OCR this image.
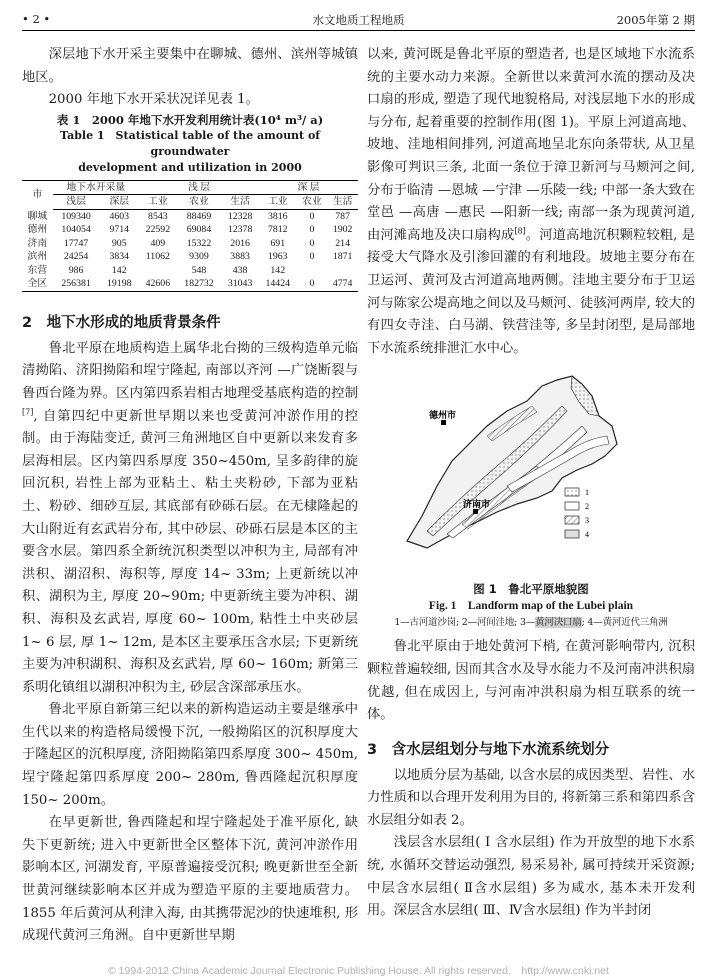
• 2 •	水文地质工程地质	2005年第 2 期

深层地下水开采主要集中在聊城、德州、滨州等城镇地区。

2000 年地下水开采状况详见表 1。

表 1　2000 年地下水开发利用统计表(10⁴ m³/ a)
Table 1　Statistical table of the amount of groundwater
development and utilization in 2000
市	地下水开采量		浅 层			深 层		
	浅层	深层	工业	农业	生活	工业	农业	生活
聊城	109340	4603	8543	88469	12328	3816	0	787
德州	104054	9714	22592	69084	12378	7812	0	1902
济南	17747	905	409	15322	2016	691	0	214
滨州	24254	3834	11062	9309	3883	1963	0	1871
东营	986	142		548	438	142		
全区	256381	19198	42606	182732	31043	14424	0	4774
2　地下水形成的地质背景条件

鲁北平原在地质构造上属华北台拗的三级构造单元临清拗陷、济阳拗陷和埕宁隆起, 南部以齐河 —广饶断裂与鲁西台隆为界。区内第四系岩相古地理受基底构造的控制[7], 自第四纪中更新世早期以来也受黄河冲淤作用的控制。由于海陆变迁, 黄河三角洲地区自中更新以来发育多层海相层。区内第四系厚度 350~450m, 呈多韵律的旋回沉积, 岩性上部为亚粘土、粘土夹粉砂, 下部为亚粘土、粉砂、细砂互层, 其底部有砂砾石层。在无棣隆起的大山附近有玄武岩分布, 其中砂层、砂砾石层是本区的主要含水层。第四系全新统沉积类型以冲积为主, 局部有冲洪积、湖沼积、海积等, 厚度 14~ 33m; 上更新统以冲积、湖积为主, 厚度 20~90m; 中更新统主要为冲积、湖积、海积及玄武岩, 厚度 60~ 100m, 粘性土中夹砂层 1~ 6 层, 厚 1~ 12m, 是本区主要承压含水层; 下更新统主要为冲积湖积、海积及玄武岩, 厚 60~ 160m; 新第三系明化镇组以湖积冲积为主, 砂层含深部承压水。

鲁北平原自新第三纪以来的新构造运动主要是继承中生代以来的构造格局缓慢下沉, 一般拗陷区的沉积厚度大于隆起区的沉积厚度, 济阳拗陷第四系厚度 300~ 450m, 埕宁隆起第四系厚度 200~ 280m, 鲁西隆起沉积厚度 150~ 200m。

在早更新世, 鲁西隆起和埕宁隆起处于准平原化, 缺失下更新统; 进入中更新世全区整体下沉, 黄河冲淤作用影响本区, 河湖发育, 平原普遍接受沉积; 晚更新世至全新世黄河继续影响本区并成为塑造平原的主要地质营力。1855 年后黄河从利津入海, 由其携带泥沙的快速堆积, 形成现代黄河三角洲。自中更新世早期

以来, 黄河既是鲁北平原的塑造者, 也是区域地下水流系统的主要水动力来源。全新世以来黄河水流的摆动及决口扇的形成, 塑造了现代地貌格局, 对浅层地下水的形成与分布, 起着重要的控制作用(图 1)。平原上河道高地、坡地、洼地相间排列, 河道高地呈北东向条带状, 从卫星影像可判识三条, 北面一条位于漳卫新河与马颊河之间, 分布于临清 —恩城 —宁津 —乐陵一线; 中部一条大致在堂邑 —高唐 —惠民 —阳新一线; 南部一条为现黄河道, 由河滩高地及决口扇构成[8]。河道高地沉积颗粒较粗, 是接受大气降水及引渗回灌的有利地段。坡地主要分布在卫运河、黄河及古河道高地两侧。洼地主要分布于卫运河与陈家公堤高地之间以及马颊河、徒骇河两岸, 较大的有四女寺洼、白马湖、铁营洼等, 多呈封闭型, 是局部地下水流系统排泄汇水中心。

德州市
济南市
1
2
3
4
图 1　鲁北平原地貌图
Fig. 1　Landform map of the Lubei plain
1—古河道沙岗; 2—河间洼地; 3—黄河决口扇; 4—黄河近代三角洲

鲁北平原由于地处黄河下梢, 在黄河影响带内, 沉积颗粒普遍较细, 因而其含水及导水能力不及河南冲洪积扇优越, 但在成因上, 与河南冲洪积扇为相互联系的统一体。

3　含水层组划分与地下水流系统划分

以地质分层为基础, 以含水层的成因类型、岩性、水力性质和以合理开发利用为目的, 将新第三系和第四系含水层组分如表 2。

浅层含水层组( Ⅰ 含水层组) 作为开放型的地下水系统, 水循环交替运动强烈, 易采易补, 属可持续开采资源; 中层含水层组( Ⅱ含水层组) 多为咸水, 基本未开发利用。深层含水层组( Ⅲ、Ⅳ含水层组) 作为半封闭

© 1994-2012 China Academic Journal Electronic Publishing House. All rights reserved.　http://www.cnki.net
